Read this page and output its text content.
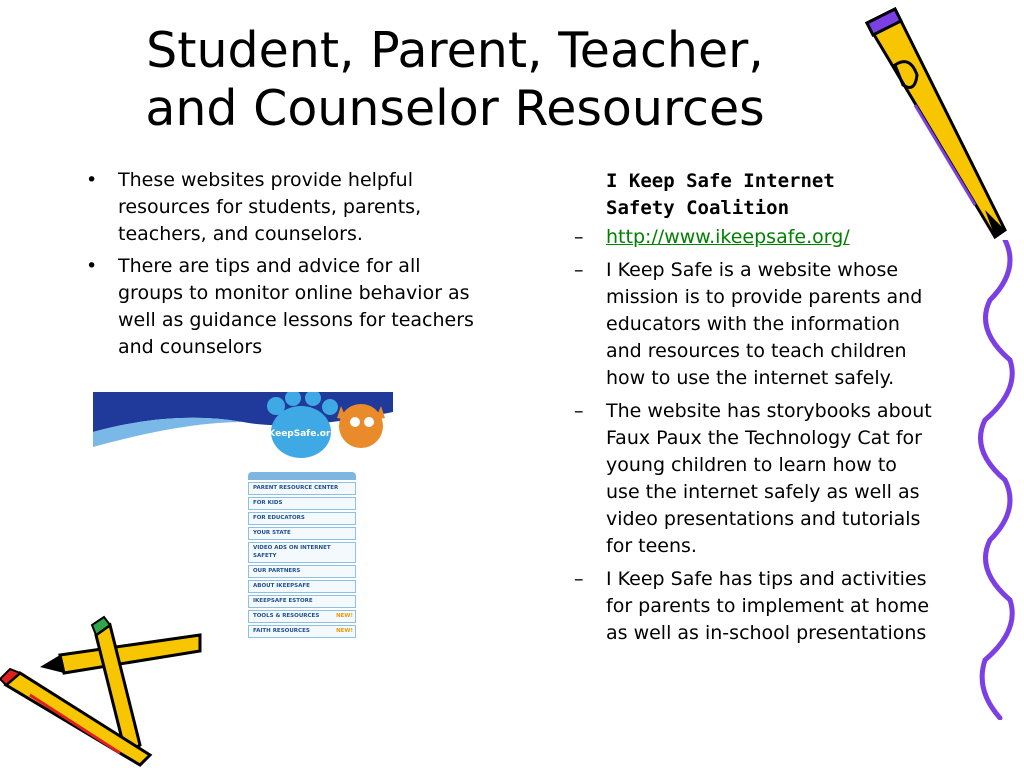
Student, Parent, Teacher,
and Counselor Resources
• These websites provide helpful resources for students, parents, teachers, and counselors.
• There are tips and advice for all groups to monitor online behavior as well as guidance lessons for teachers and counselors
I Keep Safe Internet Safety Coalition
– http://www.ikeepsafe.org/
– I Keep Safe is a website whose mission is to provide parents and educators with the information and resources to teach children how to use the internet safely.
– The website has storybooks about Faux Paux the Technology Cat for young children to learn how to use the internet safely as well as video presentations and tutorials for teens.
– I Keep Safe has tips and activities for parents to implement at home as well as in-school presentations
iKeepSafe.org
PARENT RESOURCE CENTER
FOR KIDS
FOR EDUCATORS
YOUR STATE
VIDEO ADS ON INTERNET SAFETY
OUR PARTNERS
ABOUT IKEEPSAFE
IKEEPSAFE ESTORE
TOOLS & RESOURCES	NEW!
FAITH RESOURCES	NEW!
